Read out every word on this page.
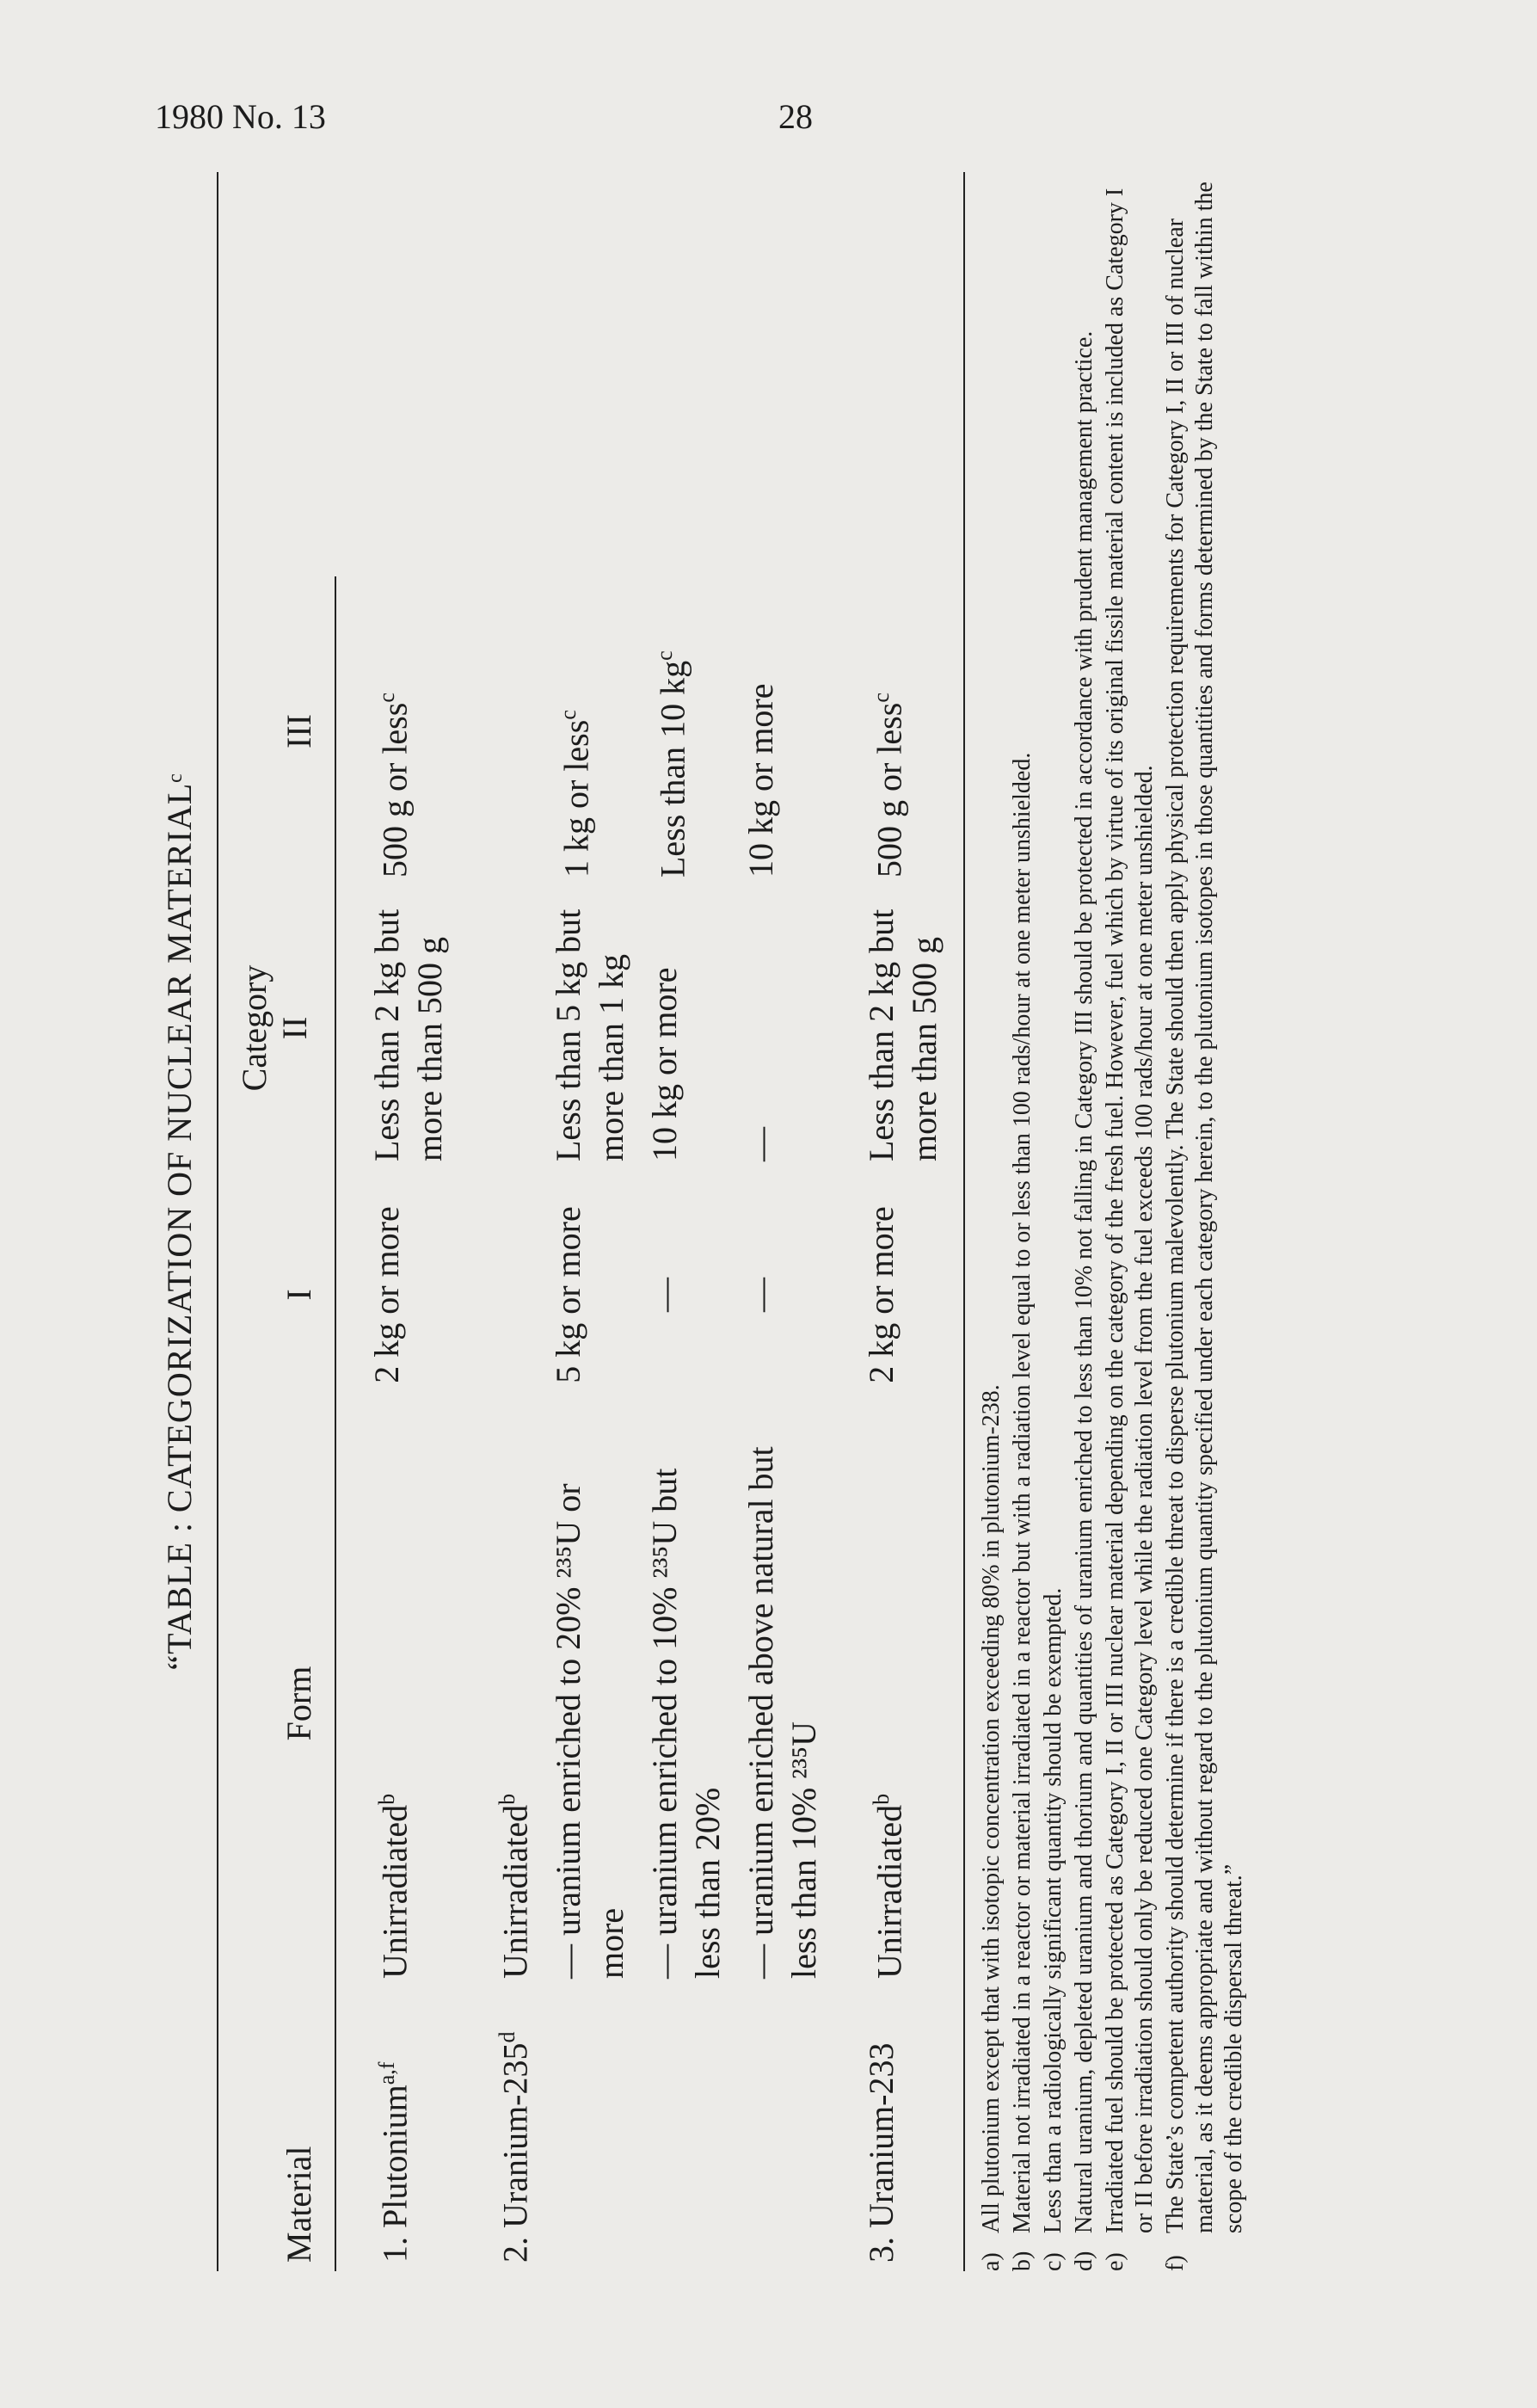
1980 No. 13	28
“TABLE : CATEGORIZATION OF NUCLEAR MATERIALᶜ
Material	Form	I	Category II	III

1. Plutonium$^{a,f}$	Unirradiated$^b$	2 kg or more	Less than 2 kg but more than 500 g	500 g or less$^c$
2. Uranium-235$^d$	Unirradiated$^b$			
	— uranium enriched to 20% ²³⁵U or more	5 kg or more	Less than 5 kg but more than 1 kg	1 kg or less$^c$
	— uranium enriched to 10% ²³⁵U but less than 20%	—	10 kg or more	Less than 10 $kg^c$
	— uranium enriched above natural but less than 10% ²³⁵U	—	—	10 kg or more
3. Uranium-233	Unirradiated$^b$	2 kg or more	Less than 2 kg but more than 500 g	500 g or less$^c$
a)
All plutonium except that with isotopic concentration exceeding 80% in plutonium-238.
b)
Material not irradiated in a reactor or material irradiated in a reactor but with a radiation level equal to or less than 100 rads/hour at one meter unshielded.
c)
Less than a radiologically significant quantity should be exempted.
d)
Natural uranium, depleted uranium and thorium and quantities of uranium enriched to less than 10% not falling in Category III should be protected in accordance with prudent management practice.
e)
Irradiated fuel should be protected as Category I, II or III nuclear material depending on the category of the fresh fuel. However, fuel which by virtue of its original fissile material content is included as Category I or II before irradiation should only be reduced one Category level while the radiation level from the fuel exceeds 100 rads/hour at one meter unshielded.
f)
The State’s competent authority should determine if there is a credible threat to disperse plutonium malevolently. The State should then apply physical protection requirements for Category I, II or III of nuclear material, as it deems appropriate and without regard to the plutonium quantity specified under each category herein, to the plutonium isotopes in those quantities and forms determined by the State to fall within the scope of the credible dispersal threat.”
